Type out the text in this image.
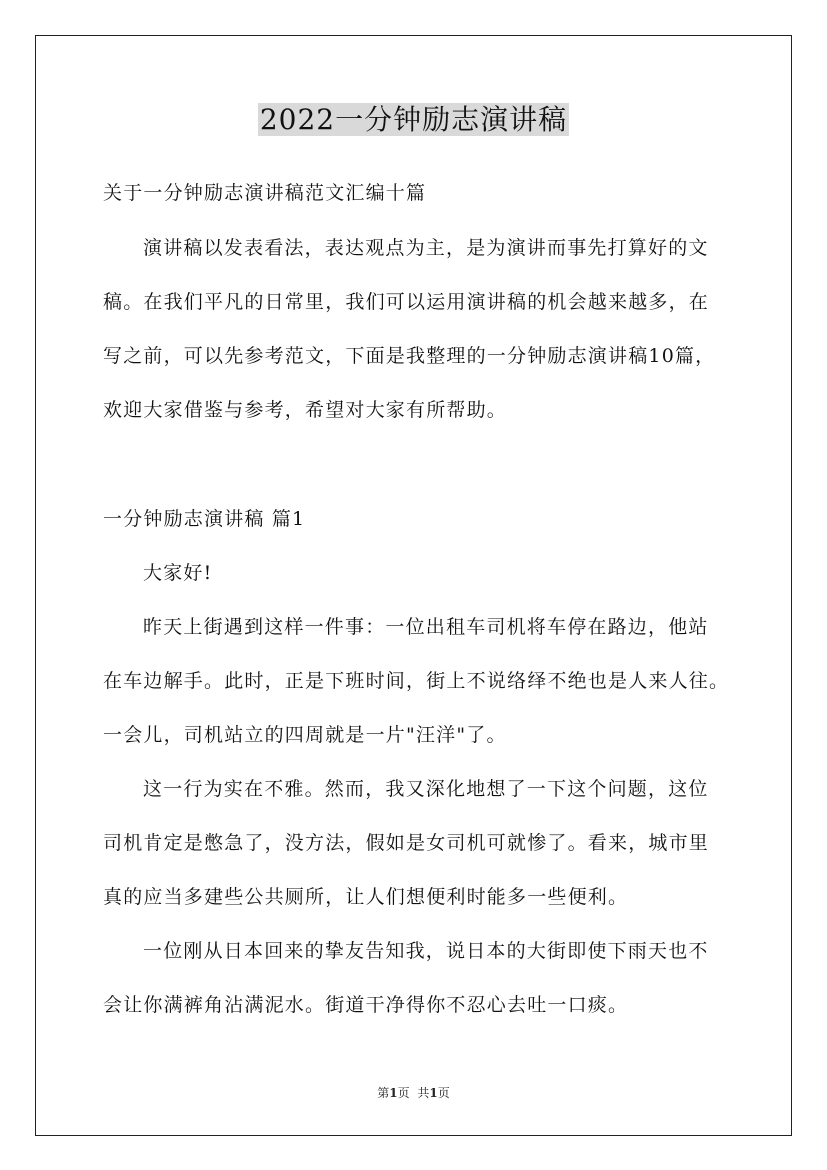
2022一分钟励志演讲稿
关于一分钟励志演讲稿范文汇编十篇
演讲稿以发表看法，表达观点为主，是为演讲而事先打算好的文
稿。在我们平凡的日常里，我们可以运用演讲稿的机会越来越多，在
写之前，可以先参考范文，下面是我整理的一分钟励志演讲稿10篇，
欢迎大家借鉴与参考，希望对大家有所帮助。
一分钟励志演讲稿 篇1
大家好!
昨天上街遇到这样一件事：一位出租车司机将车停在路边，他站
在车边解手。此时，正是下班时间，街上不说络绎不绝也是人来人往。
一会儿，司机站立的四周就是一片"汪洋"了。
这一行为实在不雅。然而，我又深化地想了一下这个问题，这位
司机肯定是憋急了，没方法，假如是女司机可就惨了。看来，城市里
真的应当多建些公共厕所，让人们想便利时能多一些便利。
一位刚从日本回来的挚友告知我，说日本的大街即使下雨天也不
会让你满裤角沾满泥水。街道干净得你不忍心去吐一口痰。
第1页 共1页
